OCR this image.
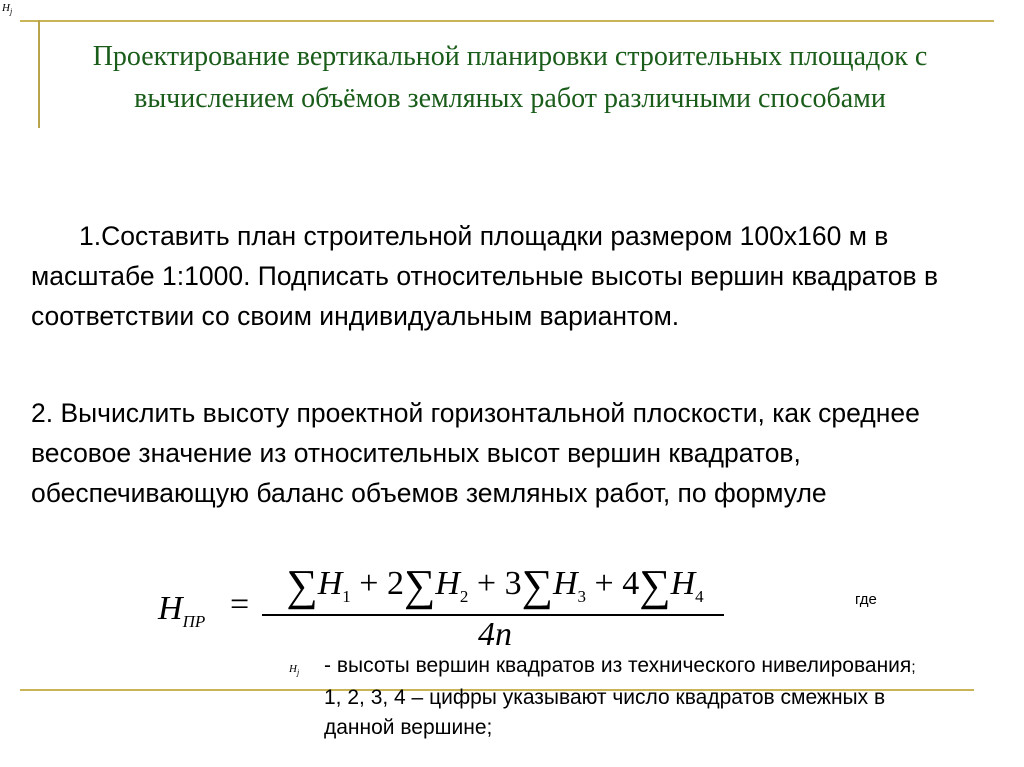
$H_j$
Проектирование вертикальной планировки строительных площадок с вычислением объёмов земляных работ различными способами
1.Составить план строительной площадки размером 100х160 м в масштабе 1:1000. Подписать относительные высоты вершин квадратов в соответствии со своим индивидуальным вариантом.
2. Вычислить высоту проектной горизонтальной плоскости, как среднее весовое значение из относительных высот вершин квадратов, обеспечивающую баланс объемов земляных работ, по формуле
$H_{ПР} = \sum H_1 + 2\sum H_2 + 3\sum H_3 + 4\sum H_4$
4n
где
$H_j$ - высоты вершин квадратов из технического нивелирования; 1, 2, 3, 4 – цифры указывают число квадратов смежных в данной вершине;
